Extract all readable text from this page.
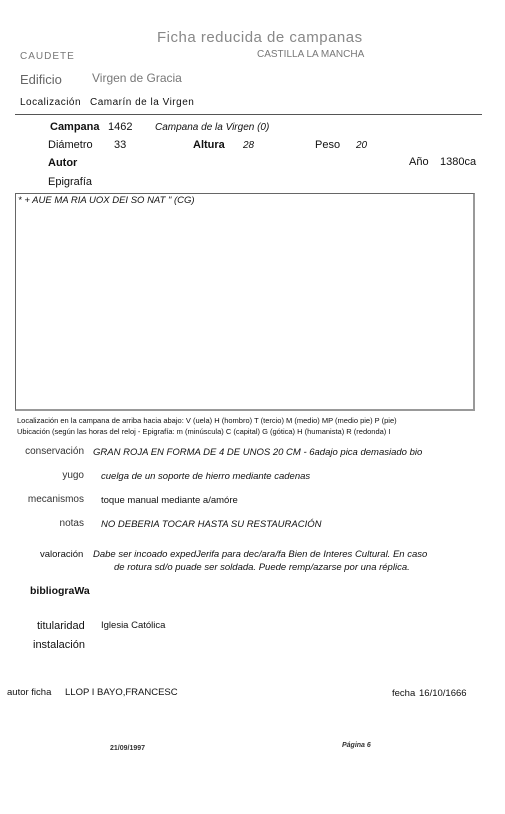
Ficha reducida de campanas
CAUDETE	CASTILLA LA MANCHA
Edificio	Virgen de Gracia
Localización Camarín de la Virgen
Campana 1462 Campana de la Virgen (0)
Diámetro 33	Altura 28	Peso 20
Autor	Año 1380ca
Epigrafía
* + AUE MA RIA UOX DEI SO NAT " (CG)
Localización en la campana de arriba hacia abajo: V (uela) H (hombro) T (tercio) M (medio) MP (medio pie) P (pie)
Ubicación (según las horas del reloj - Epigrafía: m (minúscula) C (capital) G (gótica) H (humanista) R (redonda) I
conservación GRAN ROJA EN FORMA DE 4 DE UNOS 20 CM - 6adajo pica demasiado bio
yugo cuelga de un soporte de hierro mediante cadenas
mecanismos toque manual mediante a/amóre
notas NO DEBERIA TOCAR HASTA SU RESTAURACIÓN
valoración Dabe ser incoado expedJerifa para dec/ara/fa Bien de Interes Cultural. En caso
de rotura sd/o puade ser soldada. Puede remp/azarse por una réplica.
bibliograWa
titularidad Iglesia Católica
instalación
autor ficha LLOP I BAYO,FRANCESC	fecha 16/10/1666
21/09/1997	Página 6
